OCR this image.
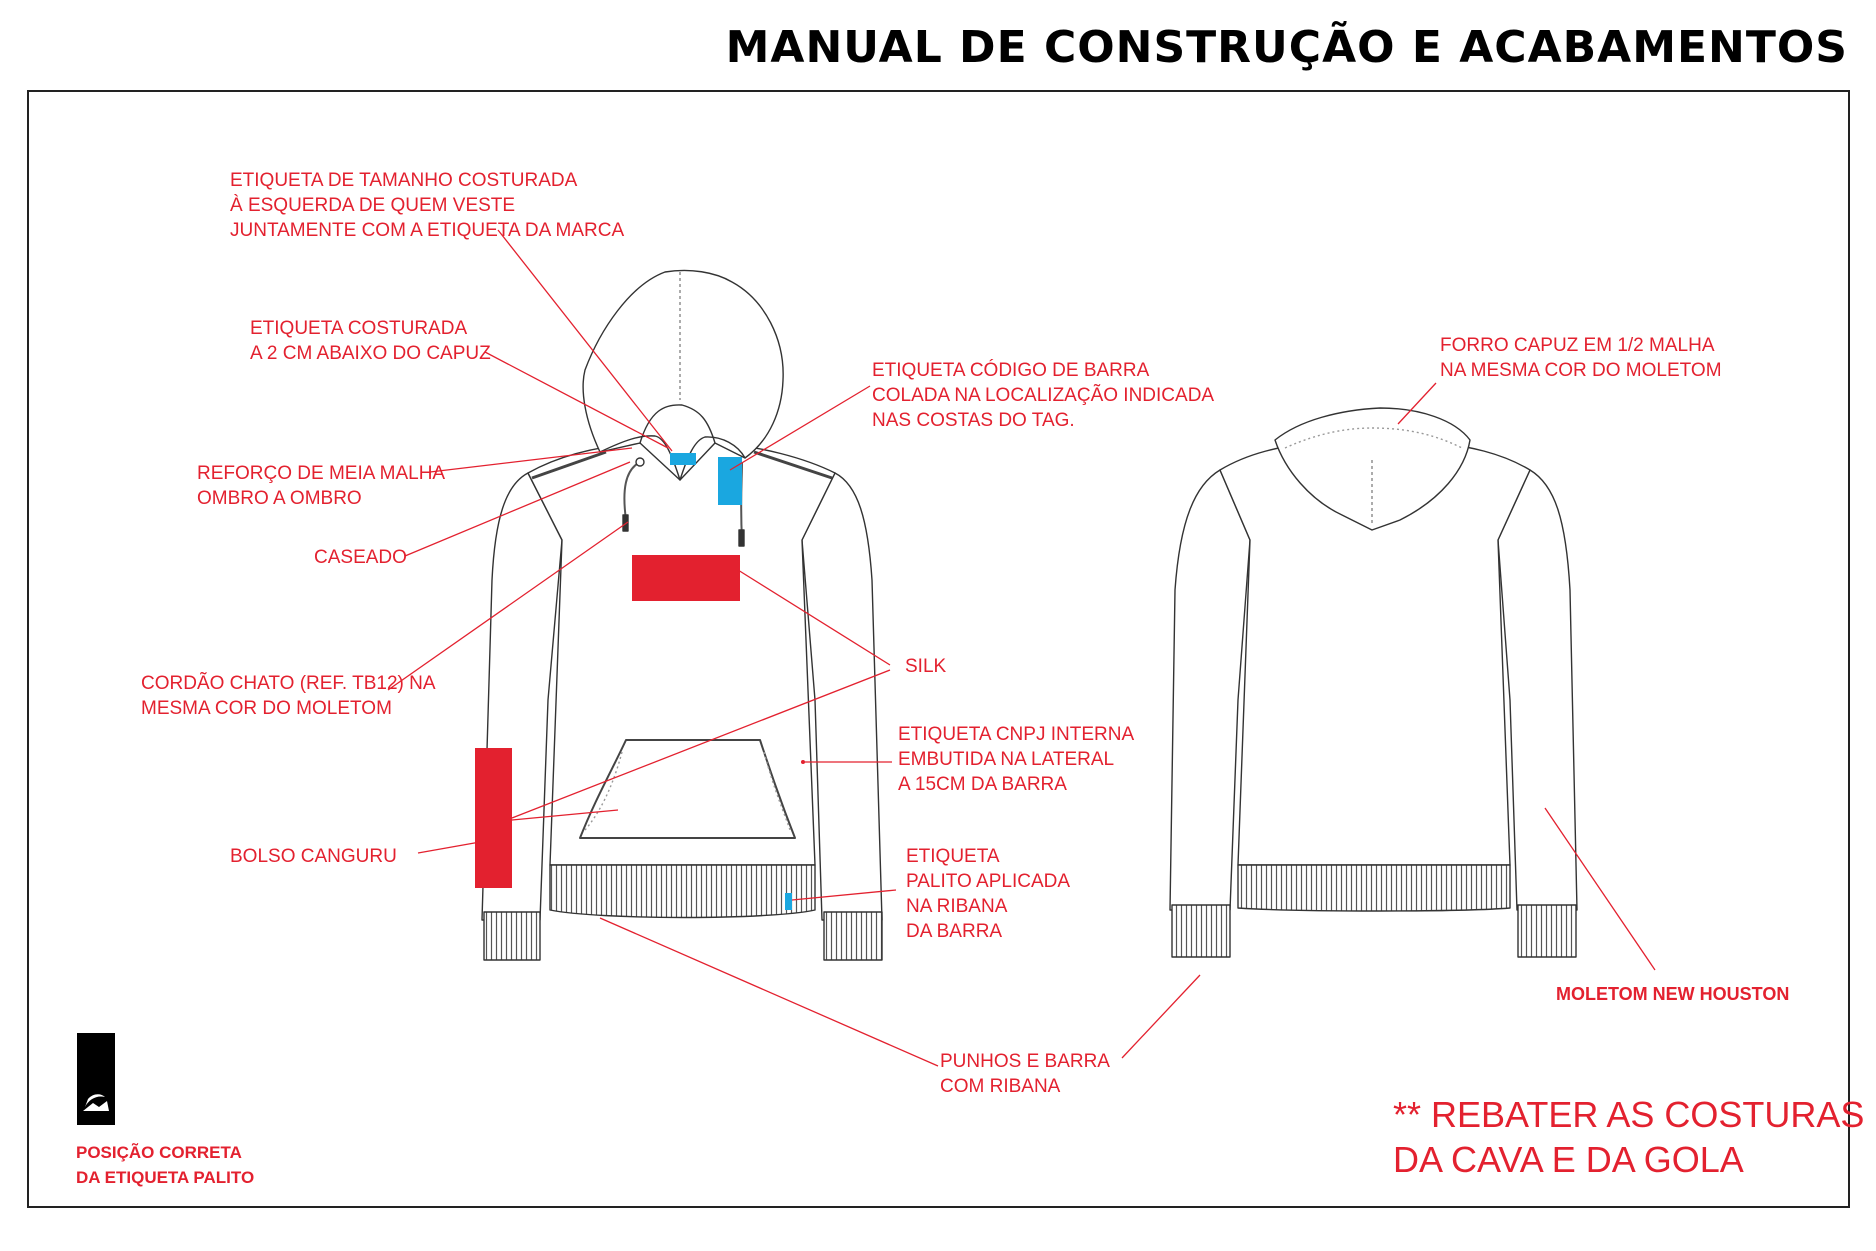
MANUAL DE CONSTRUÇÃO E ACABAMENTOS
ETIQUETA DE TAMANHO COSTURADA
À ESQUERDA DE QUEM VESTE
JUNTAMENTE COM A ETIQUETA DA MARCA
ETIQUETA COSTURADA
A 2 CM ABAIXO DO CAPUZ
REFORÇO DE MEIA MALHA
OMBRO A OMBRO
CASEADO
CORDÃO CHATO (REF. TB12) NA
MESMA COR DO MOLETOM
BOLSO CANGURU
ETIQUETA CÓDIGO DE BARRA
COLADA NA LOCALIZAÇÃO INDICADA
NAS COSTAS DO TAG.
SILK
ETIQUETA CNPJ INTERNA
EMBUTIDA NA LATERAL
A 15CM DA BARRA
ETIQUETA
PALITO APLICADA
NA RIBANA
DA BARRA
PUNHOS E BARRA
COM RIBANA
FORRO CAPUZ EM 1/2 MALHA
NA MESMA COR DO MOLETOM
MOLETOM NEW HOUSTON
** REBATER AS COSTURAS
DA CAVA E DA GOLA
POSIÇÃO CORRETA
DA ETIQUETA PALITO
